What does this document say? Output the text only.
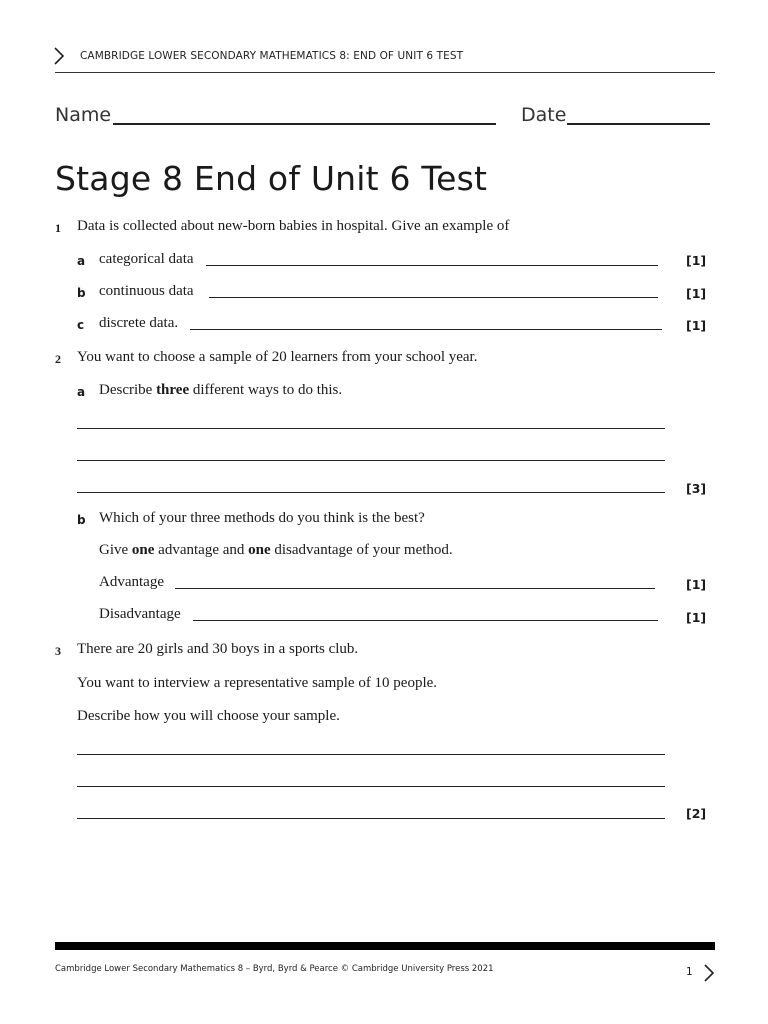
CAMBRIDGE LOWER SECONDARY MATHEMATICS 8: END OF UNIT 6 TEST
Name	Date
Stage 8 End of Unit 6 Test
1 Data is collected about new-born babies in hospital. Give an example of
a categorical data	[1]
b continuous data	[1]
c discrete data.	[1]
2 You want to choose a sample of 20 learners from your school year.
a Describe three different ways to do this.
[3]
b Which of your three methods do you think is the best?
Give one advantage and one disadvantage of your method.
Advantage	[1]
Disadvantage	[1]
3 There are 20 girls and 30 boys in a sports club.
You want to interview a representative sample of 10 people.
Describe how you will choose your sample.
[2]
Cambridge Lower Secondary Mathematics 8 – Byrd, Byrd & Pearce © Cambridge University Press 2021	1
